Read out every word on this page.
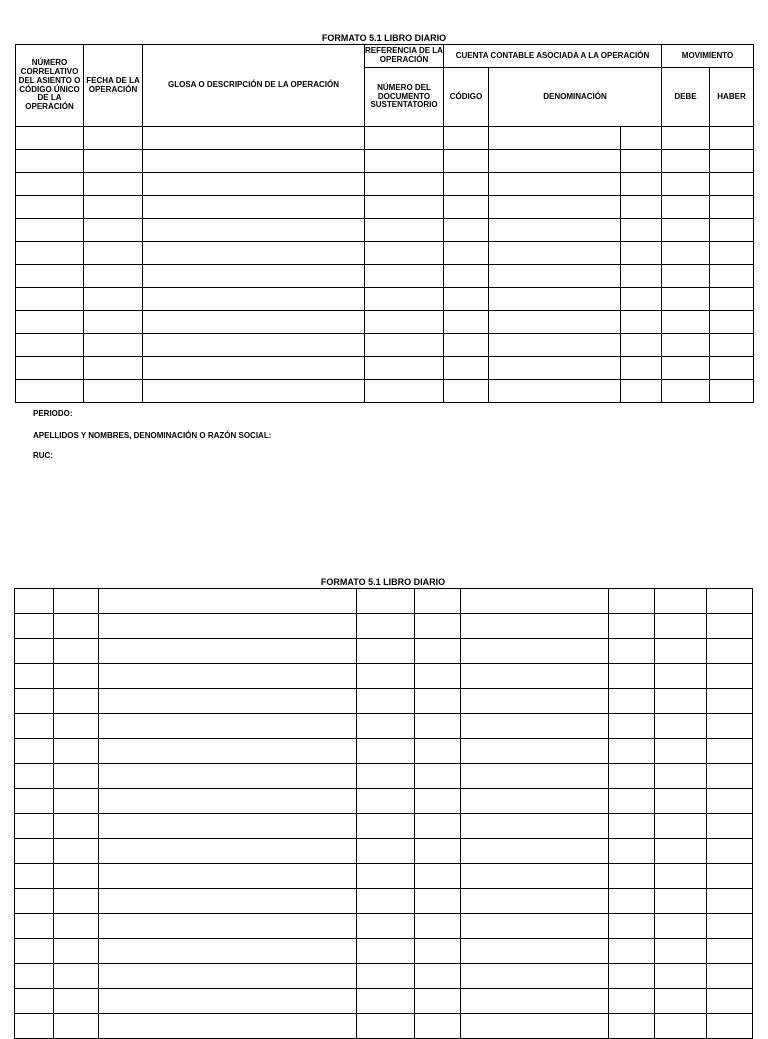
FORMATO 5.1 LIBRO DIARIO
NÚMERO CORRELATIVO DEL ASIENTO O CÓDIGO ÚNICO DE LA OPERACIÓN	FECHA DE LA OPERACIÓN	GLOSA O DESCRIPCIÓN DE LA OPERACIÓN	REFERENCIA DE LA OPERACIÓN	CUENTA CONTABLE ASOCIADA A LA OPERACIÓN			MOVIMIENTO	
			NÚMERO DEL DOCUMENTO SUSTENTATORIO	CÓDIGO	DENOMINACIÓN		DEBE	HABER

PERIODO:
APELLIDOS Y NOMBRES, DENOMINACIÓN O RAZÓN SOCIAL:
RUC:
FORMATO 5.1 LIBRO DIARIO
